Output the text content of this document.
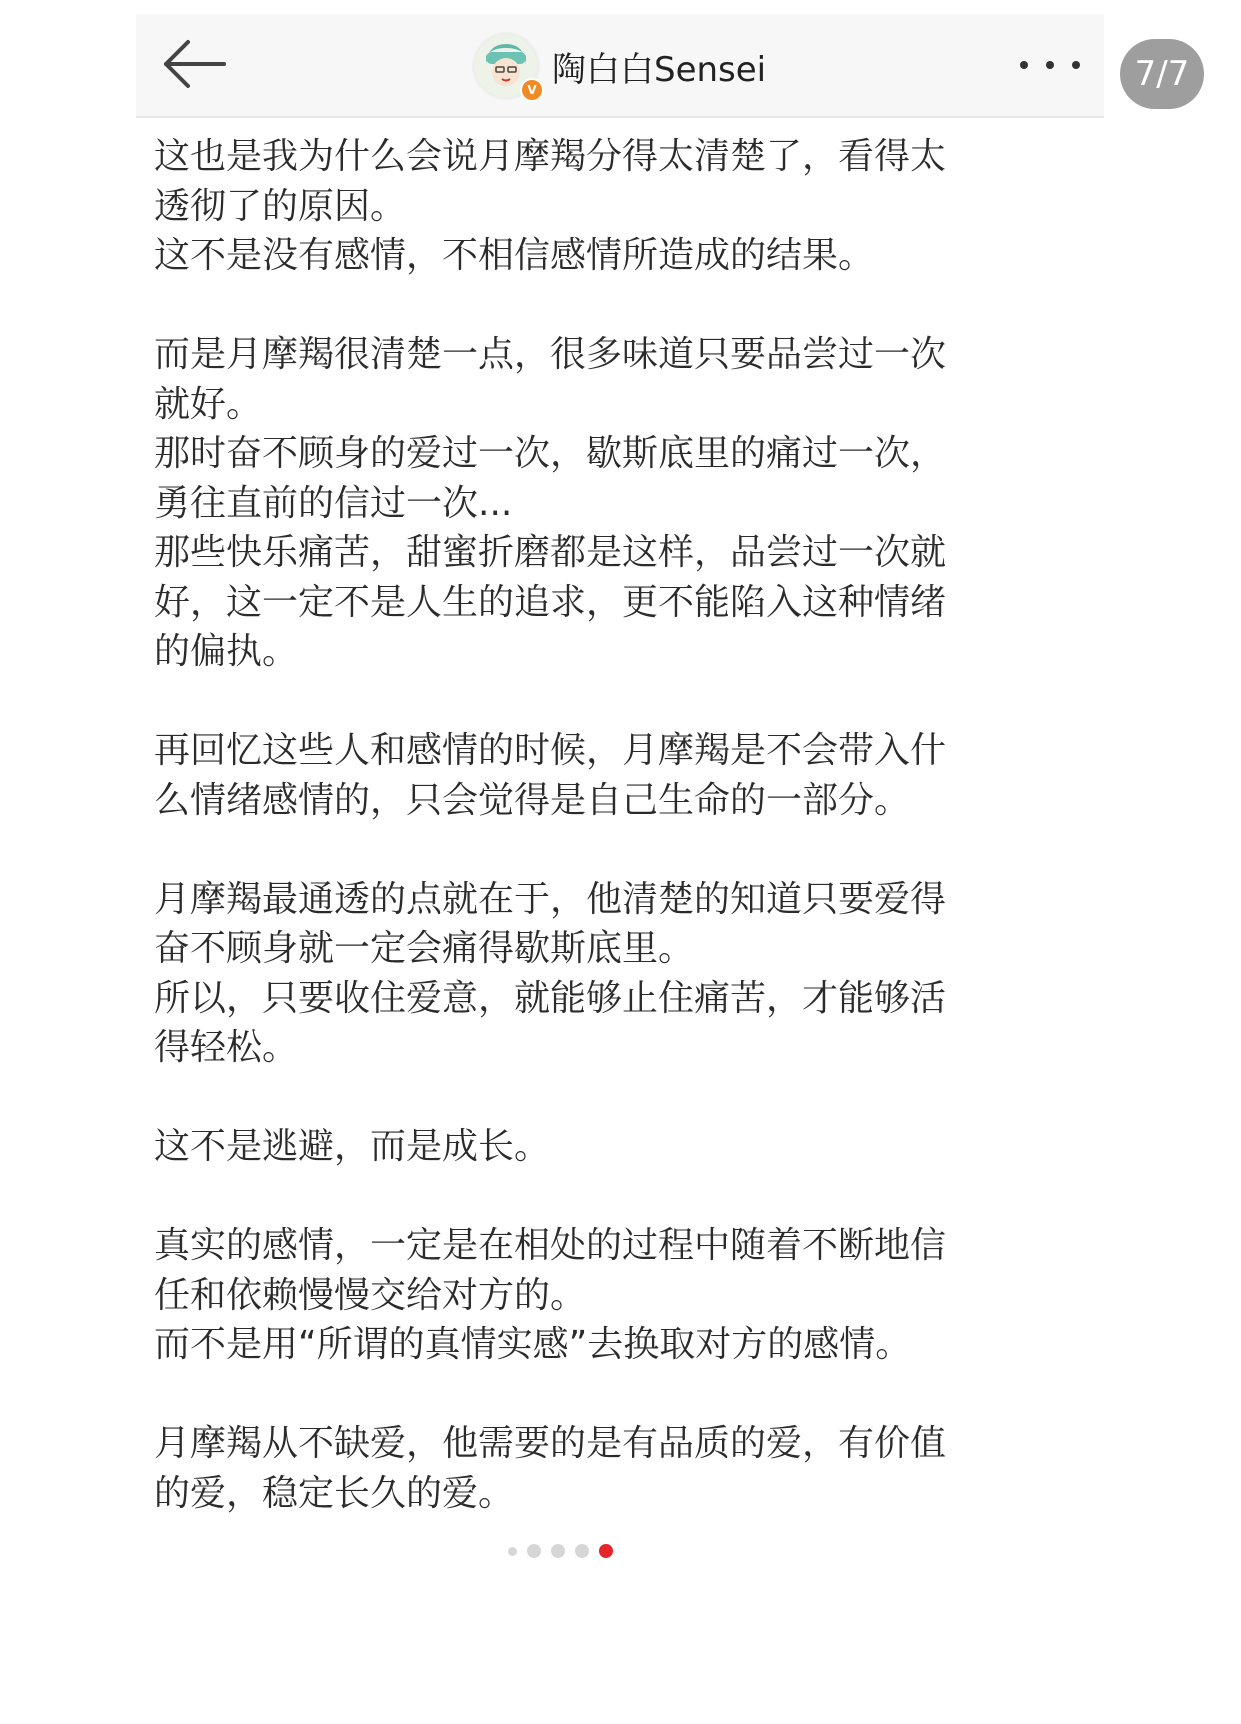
V
陶白白Sensei

这也是我为什么会说月摩羯分得太清楚了，看得太
透彻了的原因。
这不是没有感情，不相信感情所造成的结果。

而是月摩羯很清楚一点，很多味道只要品尝过一次
就好。
那时奋不顾身的爱过一次，歇斯底里的痛过一次，
勇往直前的信过一次...
那些快乐痛苦，甜蜜折磨都是这样，品尝过一次就
好，这一定不是人生的追求，更不能陷入这种情绪
的偏执。

再回忆这些人和感情的时候，月摩羯是不会带入什
么情绪感情的，只会觉得是自己生命的一部分。

月摩羯最通透的点就在于，他清楚的知道只要爱得
奋不顾身就一定会痛得歇斯底里。
所以，只要收住爱意，就能够止住痛苦，才能够活
得轻松。

这不是逃避，而是成长。

真实的感情，一定是在相处的过程中随着不断地信
任和依赖慢慢交给对方的。
而不是用“所谓的真情实感”去换取对方的感情。

月摩羯从不缺爱，他需要的是有品质的爱，有价值
的爱，稳定长久的爱。

7/7
